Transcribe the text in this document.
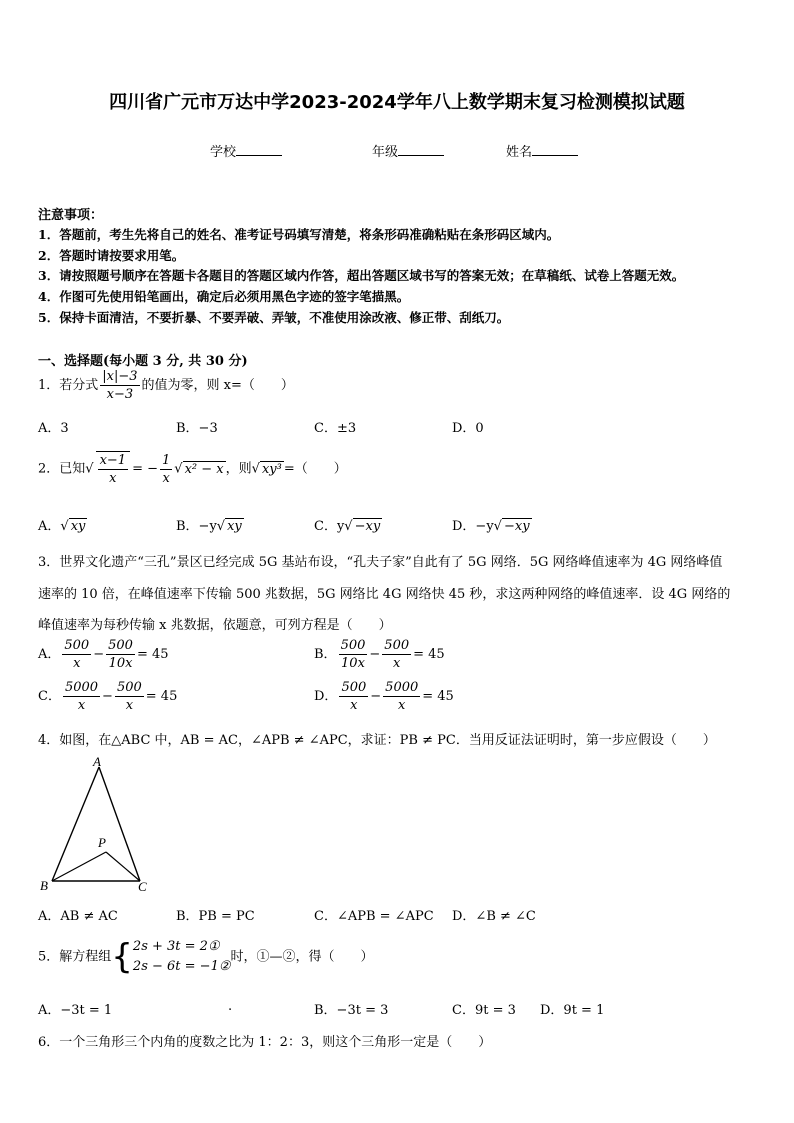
四川省广元市万达中学2023-2024学年八上数学期末复习检测模拟试题
学校	年级	姓名
注意事项：
1．答题前，考生先将自己的姓名、准考证号码填写清楚，将条形码准确粘贴在条形码区域内。
2．答题时请按要求用笔。
3．请按照题号顺序在答题卡各题目的答题区域内作答，超出答题区域书写的答案无效；在草稿纸、试卷上答题无效。
4．作图可先使用铅笔画出，确定后必须用黑色字迹的签字笔描黑。
5．保持卡面清洁，不要折暴、不要弄破、弄皱，不准使用涂改液、修正带、刮纸刀。
一、选择题(每小题 3 分, 共 30 分)
1．若分式 $\frac{|x|-3}{x-3}$ 的值为零，则 x=（　　）
A．3	B．−3	C．±3	D．0
2．已知√ $\frac{x-1}{x}$ = − $\frac{1}{x}$ √ x² − x ，则√ xy³ =（　　）
A．√ xy	B．−y√ xy	C．y√ −xy	D．−y√ −xy
3．世界文化遗产“三孔”景区已经完成 5G 基站布设，“孔夫子家”自此有了 5G 网络．5G 网络峰值速率为 4G 网络峰值
速率的 10 倍，在峰值速率下传输 500 兆数据，5G 网络比 4G 网络快 45 秒，求这两种网络的峰值速率．设 4G 网络的
峰值速率为每秒传输 x 兆数据，依题意，可列方程是（　　）
A． $\frac{500}{x} - \frac{500}{10x} = 45$	B． $\frac{500}{10x} - \frac{500}{x} = 45$
C． $\frac{5000}{x} - \frac{500}{x} = 45$	D． $\frac{500}{x} - \frac{5000}{x} = 45$
4．如图，在△ABC 中，AB = AC，∠APB ≠ ∠APC，求证：PB ≠ PC．当用反证法证明时，第一步应假设（　　）
A
B	C
P
A．AB ≠ AC	B．PB = PC	C．∠APB = ∠APC D．∠B ≠ ∠C
5．解方程组{2s + 3t = 2①
2s − 6t = −1②时，①—②，得（　　）
A．−3t = 1	.	B．−3t = 3	C．9t = 3 D．9t = 1
6．一个三角形三个内角的度数之比为 1：2：3，则这个三角形一定是（　　）
